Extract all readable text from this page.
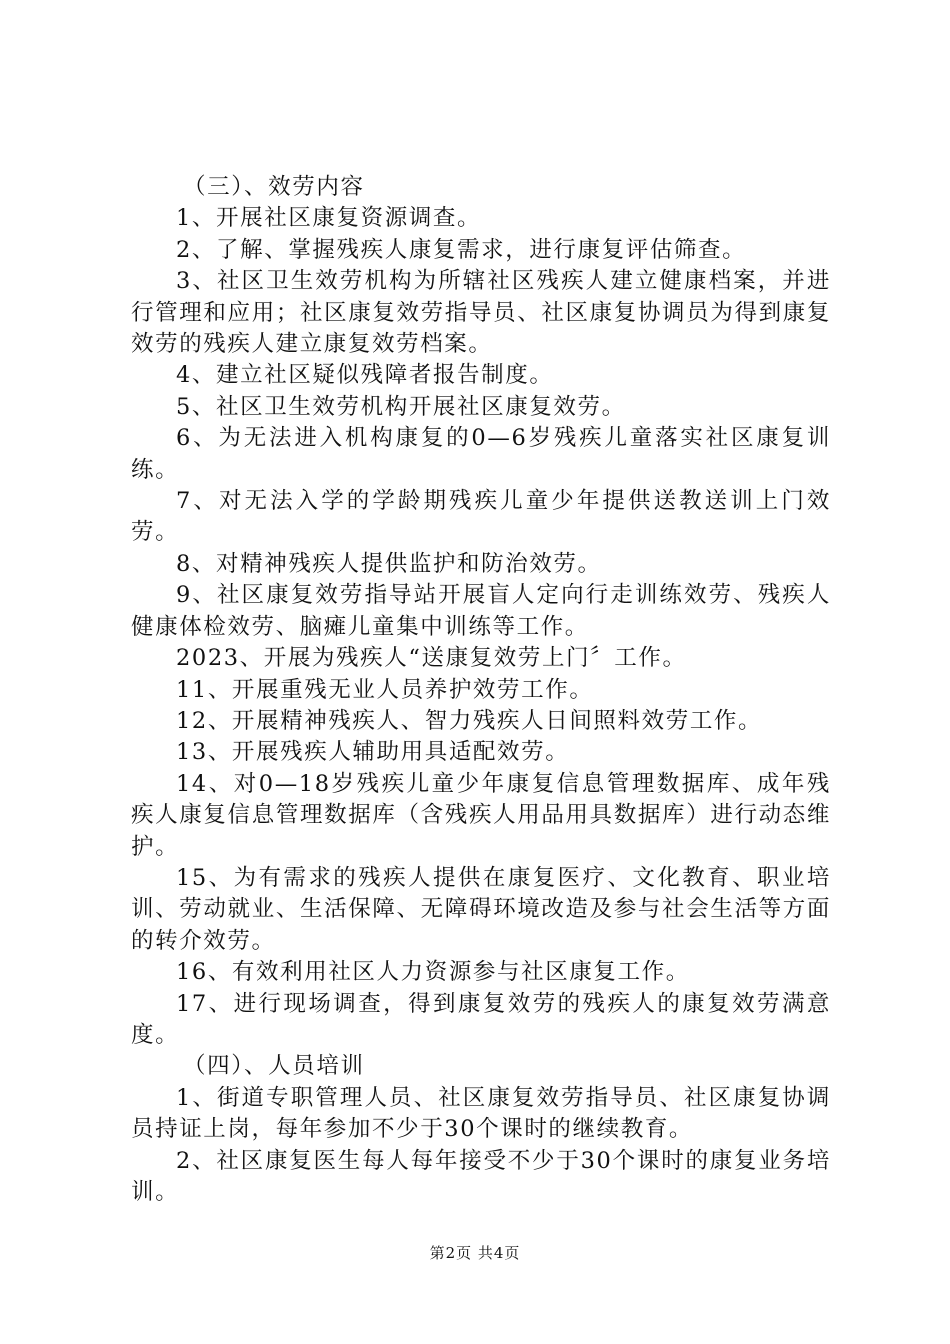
（三）、效劳内容

1、开展社区康复资源调查。

2、了解、掌握残疾人康复需求，进行康复评估筛查。

3、社区卫生效劳机构为所辖社区残疾人建立健康档案，并进行管理和应用；社区康复效劳指导员、社区康复协调员为得到康复效劳的残疾人建立康复效劳档案。

4、建立社区疑似残障者报告制度。

5、社区卫生效劳机构开展社区康复效劳。

6、为无法进入机构康复的0—6岁残疾儿童落实社区康复训练。

7、对无法入学的学龄期残疾儿童少年提供送教送训上门效劳。

8、对精神残疾人提供监护和防治效劳。

9、社区康复效劳指导站开展盲人定向行走训练效劳、残疾人健康体检效劳、脑瘫儿童集中训练等工作。

2023、开展为残疾人“送康复效劳上门〞工作。

11、开展重残无业人员养护效劳工作。

12、开展精神残疾人、智力残疾人日间照料效劳工作。

13、开展残疾人辅助用具适配效劳。

14、对0—18岁残疾儿童少年康复信息管理数据库、成年残疾人康复信息管理数据库（含残疾人用品用具数据库）进行动态维护。

15、为有需求的残疾人提供在康复医疗、文化教育、职业培训、劳动就业、生活保障、无障碍环境改造及参与社会生活等方面的转介效劳。

16、有效利用社区人力资源参与社区康复工作。

17、进行现场调查，得到康复效劳的残疾人的康复效劳满意度。

（四）、人员培训

1、街道专职管理人员、社区康复效劳指导员、社区康复协调员持证上岗，每年参加不少于30个课时的继续教育。

2、社区康复医生每人每年接受不少于30个课时的康复业务培训。

第2页 共4页
